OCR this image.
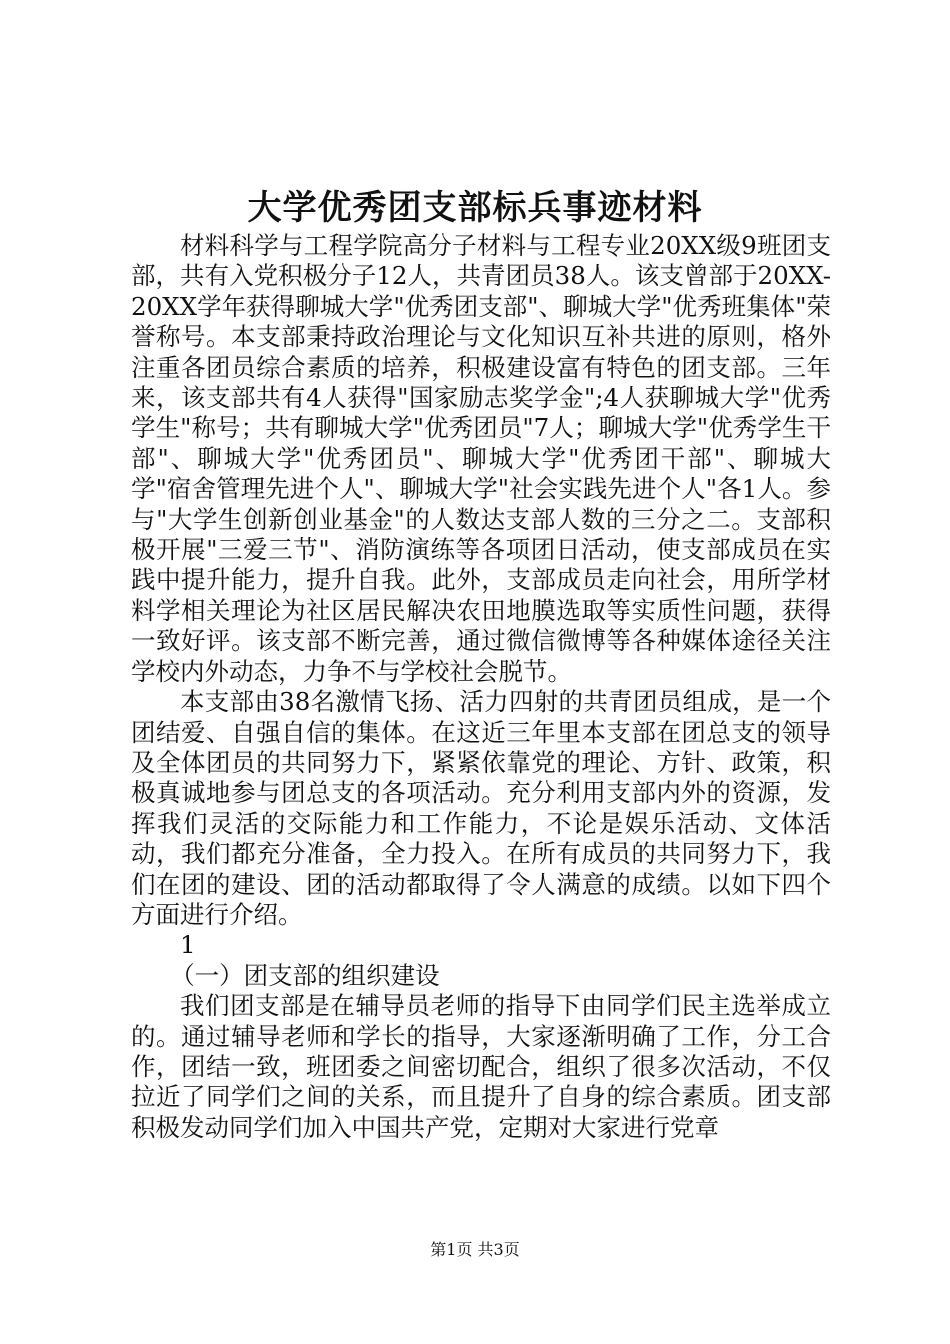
大学优秀团支部标兵事迹材料

材料科学与工程学院高分子材料与工程专业20XX级9班团支部，共有入党积极分子12人，共青团员38人。该支曾部于20XX-20XX学年获得聊城大学"优秀团支部"、聊城大学"优秀班集体"荣誉称号。本支部秉持政治理论与文化知识互补共进的原则，格外注重各团员综合素质的培养，积极建设富有特色的团支部。三年来，该支部共有4人获得"国家励志奖学金";4人获聊城大学"优秀学生"称号；共有聊城大学"优秀团员"7人；聊城大学"优秀学生干部"、聊城大学"优秀团员"、聊城大学"优秀团干部"、聊城大学"宿舍管理先进个人"、聊城大学"社会实践先进个人"各1人。参与"大学生创新创业基金"的人数达支部人数的三分之二。支部积极开展"三爱三节"、消防演练等各项团日活动，使支部成员在实践中提升能力，提升自我。此外，支部成员走向社会，用所学材料学相关理论为社区居民解决农田地膜选取等实质性问题，获得一致好评。该支部不断完善，通过微信微博等各种媒体途径关注学校内外动态，力争不与学校社会脱节。

本支部由38名激情飞扬、活力四射的共青团员组成，是一个团结爱、自强自信的集体。在这近三年里本支部在团总支的领导及全体团员的共同努力下，紧紧依靠党的理论、方针、政策，积极真诚地参与团总支的各项活动。充分利用支部内外的资源，发挥我们灵活的交际能力和工作能力，不论是娱乐活动、文体活动，我们都充分准备，全力投入。在所有成员的共同努力下，我们在团的建设、团的活动都取得了令人满意的成绩。以如下四个方面进行介绍。

1
（一）团支部的组织建设

我们团支部是在辅导员老师的指导下由同学们民主选举成立的。通过辅导老师和学长的指导，大家逐渐明确了工作，分工合作，团结一致，班团委之间密切配合，组织了很多次活动，不仅拉近了同学们之间的关系，而且提升了自身的综合素质。团支部积极发动同学们加入中国共产党，定期对大家进行党章

第1页 共3页
